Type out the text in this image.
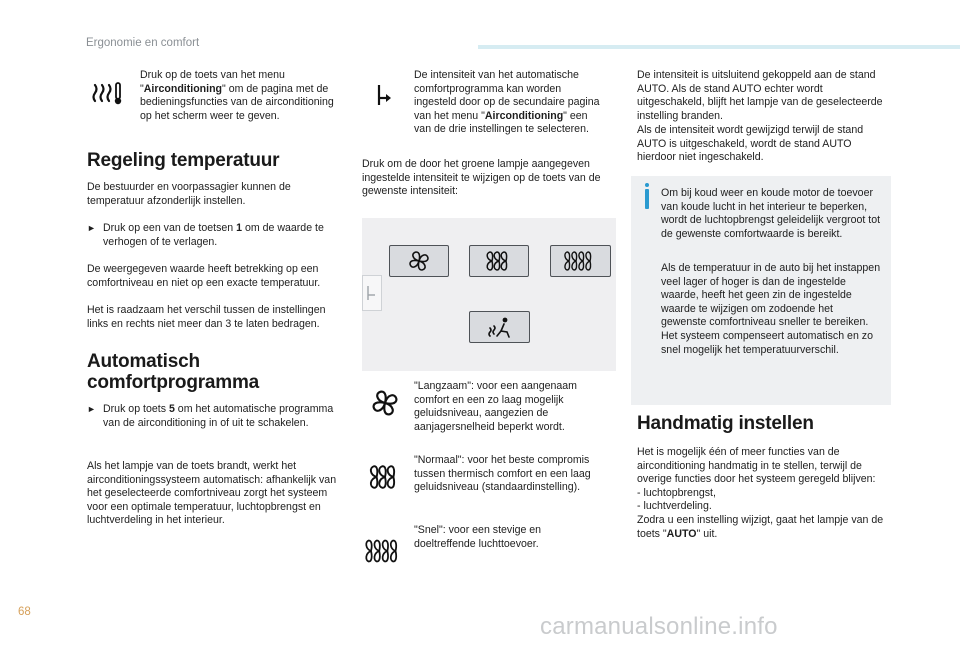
Ergonomie en comfort
Druk op de toets van het menu "Airconditioning" om de pagina met de bedieningsfuncties van de airconditioning op het scherm weer te geven.
Regeling temperatuur
De bestuurder en voorpassagier kunnen de temperatuur afzonderlijk instellen.
► Druk op een van de toetsen 1 om de waarde te verhogen of te verlagen.
De weergegeven waarde heeft betrekking op een comfortniveau en niet op een exacte temperatuur.
Het is raadzaam het verschil tussen de instellingen links en rechts niet meer dan 3 te laten bedragen.
Automatisch
comfortprogramma
► Druk op toets 5 om het automatische programma van de airconditioning in of uit te schakelen.
Als het lampje van de toets brandt, werkt het airconditioningssysteem automatisch: afhankelijk van het geselecteerde comfortniveau zorgt het systeem voor een optimale temperatuur, luchtopbrengst en luchtverdeling in het interieur.
De intensiteit van het automatische comfortprogramma kan worden ingesteld door op de secundaire pagina van het menu "Airconditioning" een van de drie instellingen te selecteren.
Druk om de door het groene lampje aangegeven ingestelde intensiteit te wijzigen op de toets van de gewenste intensiteit:
"Langzaam": voor een aangenaam comfort en een zo laag mogelijk geluidsniveau, aangezien de aanjagersnelheid beperkt wordt.
"Normaal": voor het beste compromis tussen thermisch comfort en een laag geluidsniveau (standaardinstelling).
"Snel": voor een stevige en doeltreffende luchttoevoer.
De intensiteit is uitsluitend gekoppeld aan de stand AUTO. Als de stand AUTO echter wordt uitgeschakeld, blijft het lampje van de geselecteerde instelling branden.
Als de intensiteit wordt gewijzigd terwijl de stand AUTO is uitgeschakeld, wordt de stand AUTO hierdoor niet ingeschakeld.
Om bij koud weer en koude motor de toevoer van koude lucht in het interieur te beperken, wordt de luchtopbrengst geleidelijk vergroot tot de gewenste comfortwaarde is bereikt.
Als de temperatuur in de auto bij het instappen veel lager of hoger is dan de ingestelde waarde, heeft het geen zin de ingestelde waarde te wijzigen om zodoende het gewenste comfortniveau sneller te bereiken. Het systeem compenseert automatisch en zo snel mogelijk het temperatuurverschil.
Handmatig instellen
Het is mogelijk één of meer functies van de airconditioning handmatig in te stellen, terwijl de overige functies door het systeem geregeld blijven:
- luchtopbrengst,
- luchtverdeling.
Zodra u een instelling wijzigt, gaat het lampje van de toets "AUTO" uit.
68
carmanualsonline.info
